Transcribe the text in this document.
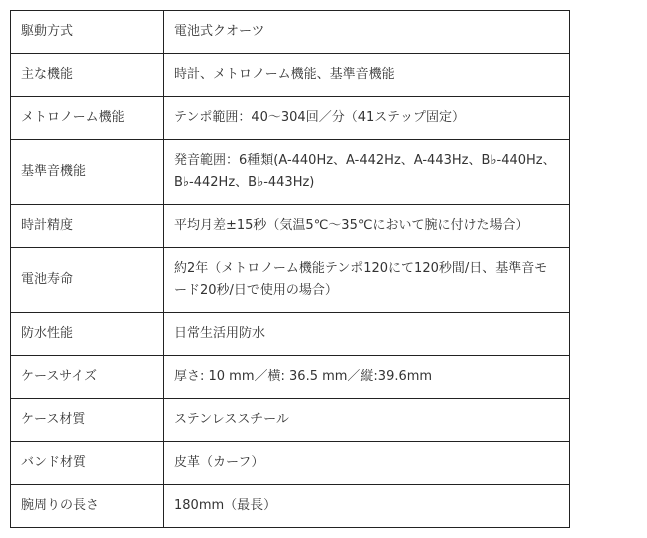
駆動方式	電池式クオーツ
主な機能	時計、メトロノーム機能、基準音機能
メトロノーム機能	テンポ範囲：40〜304回／分（41ステップ固定）
基準音機能	発音範囲：6種類(A-440Hz、A-442Hz、A-443Hz、B♭-440Hz、B♭-442Hz、B♭-443Hz)
時計精度	平均月差±15秒（気温5℃〜35℃において腕に付けた場合）
電池寿命	約2年（メトロノーム機能テンポ120にて120秒間/日、基準音モード20秒/日で使用の場合）
防水性能	日常生活用防水
ケースサイズ	厚さ: 10 mm／横: 36.5 mm／縦:39.6mm
ケース材質	ステンレススチール
バンド材質	皮革（カーフ）
腕周りの長さ	180mm（最長）
